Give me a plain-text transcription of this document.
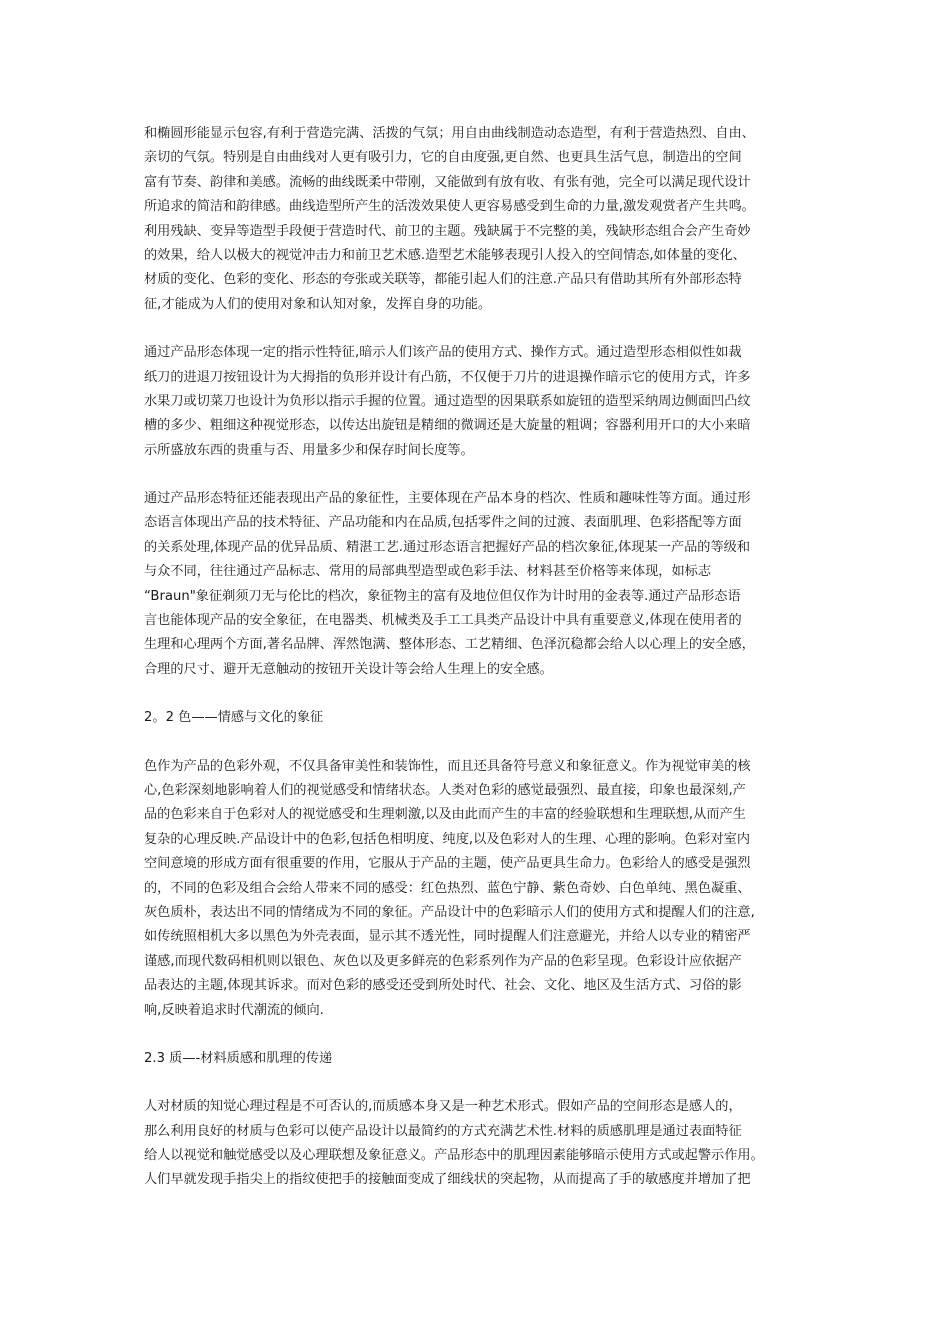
和椭圆形能显示包容,有利于营造完满、活拨的气氛；用自由曲线制造动态造型，有利于营造热烈、自由、
亲切的气氛。特别是自由曲线对人更有吸引力，它的自由度强,更自然、也更具生活气息，制造出的空间
富有节奏、韵律和美感。流畅的曲线既柔中带刚，又能做到有放有收、有张有弛，完全可以满足现代设计
所追求的简洁和韵律感。曲线造型所产生的活泼效果使人更容易感受到生命的力量,激发观赏者产生共鸣。
利用残缺、变异等造型手段便于营造时代、前卫的主题。残缺属于不完整的美，残缺形态组合会产生奇妙
的效果，给人以极大的视觉冲击力和前卫艺术感.造型艺术能够表现引人投入的空间情态,如体量的变化、
材质的变化、色彩的变化、形态的夸张或关联等，都能引起人们的注意.产品只有借助其所有外部形态特
征,才能成为人们的使用对象和认知对象，发挥自身的功能。

通过产品形态体现一定的指示性特征,暗示人们该产品的使用方式、操作方式。通过造型形态相似性如裁
纸刀的进退刀按钮设计为大拇指的负形并设计有凸筋，不仅便于刀片的进退操作暗示它的使用方式，许多
水果刀或切菜刀也设计为负形以指示手握的位置。通过造型的因果联系如旋钮的造型采纳周边侧面凹凸纹
槽的多少、粗细这种视觉形态，以传达出旋钮是精细的微调还是大旋量的粗调；容器利用开口的大小来暗
示所盛放东西的贵重与否、用量多少和保存时间长度等。

通过产品形态特征还能表现出产品的象征性，主要体现在产品本身的档次、性质和趣味性等方面。通过形
态语言体现出产品的技术特征、产品功能和内在品质,包括零件之间的过渡、表面肌理、色彩搭配等方面
的关系处理,体现产品的优异品质、精湛工艺.通过形态语言把握好产品的档次象征,体现某一产品的等级和
与众不同，往往通过产品标志、常用的局部典型造型或色彩手法、材料甚至价格等来体现，如标志
“Braun"象征剃须刀无与伦比的档次，象征物主的富有及地位但仅作为计时用的金表等.通过产品形态语
言也能体现产品的安全象征，在电器类、机械类及手工工具类产品设计中具有重要意义,体现在使用者的
生理和心理两个方面,著名品牌、浑然饱满、整体形态、工艺精细、色泽沉稳都会给人以心理上的安全感，
合理的尺寸、避开无意触动的按钮开关设计等会给人生理上的安全感。

2。2 色——情感与文化的象征

色作为产品的色彩外观，不仅具备审美性和装饰性，而且还具备符号意义和象征意义。作为视觉审美的核
心,色彩深刻地影响着人们的视觉感受和情绪状态。人类对色彩的感觉最强烈、最直接，印象也最深刻,产
品的色彩来自于色彩对人的视觉感受和生理刺激,以及由此而产生的丰富的经验联想和生理联想,从而产生
复杂的心理反映.产品设计中的色彩,包括色相明度、纯度,以及色彩对人的生理、心理的影响。色彩对室内
空间意境的形成方面有很重要的作用，它服从于产品的主题，使产品更具生命力。色彩给人的感受是强烈
的，不同的色彩及组合会给人带来不同的感受：红色热烈、蓝色宁静、紫色奇妙、白色单纯、黑色凝重、
灰色质朴，表达出不同的情绪成为不同的象征。产品设计中的色彩暗示人们的使用方式和提醒人们的注意,
如传统照相机大多以黑色为外壳表面，显示其不透光性，同时提醒人们注意避光，并给人以专业的精密严
谨感,而现代数码相机则以银色、灰色以及更多鲜亮的色彩系列作为产品的色彩呈现。色彩设计应依据产
品表达的主题,体现其诉求。而对色彩的感受还受到所处时代、社会、文化、地区及生活方式、习俗的影
响,反映着追求时代潮流的倾向.

2.3 质—-材料质感和肌理的传递

人对材质的知觉心理过程是不可否认的,而质感本身又是一种艺术形式。假如产品的空间形态是感人的，
那么利用良好的材质与色彩可以使产品设计以最简约的方式充满艺术性.材料的质感肌理是通过表面特征
给人以视觉和触觉感受以及心理联想及象征意义。产品形态中的肌理因素能够暗示使用方式或起警示作用。
人们早就发现手指尖上的指纹使把手的接触面变成了细线状的突起物，从而提高了手的敏感度并增加了把
